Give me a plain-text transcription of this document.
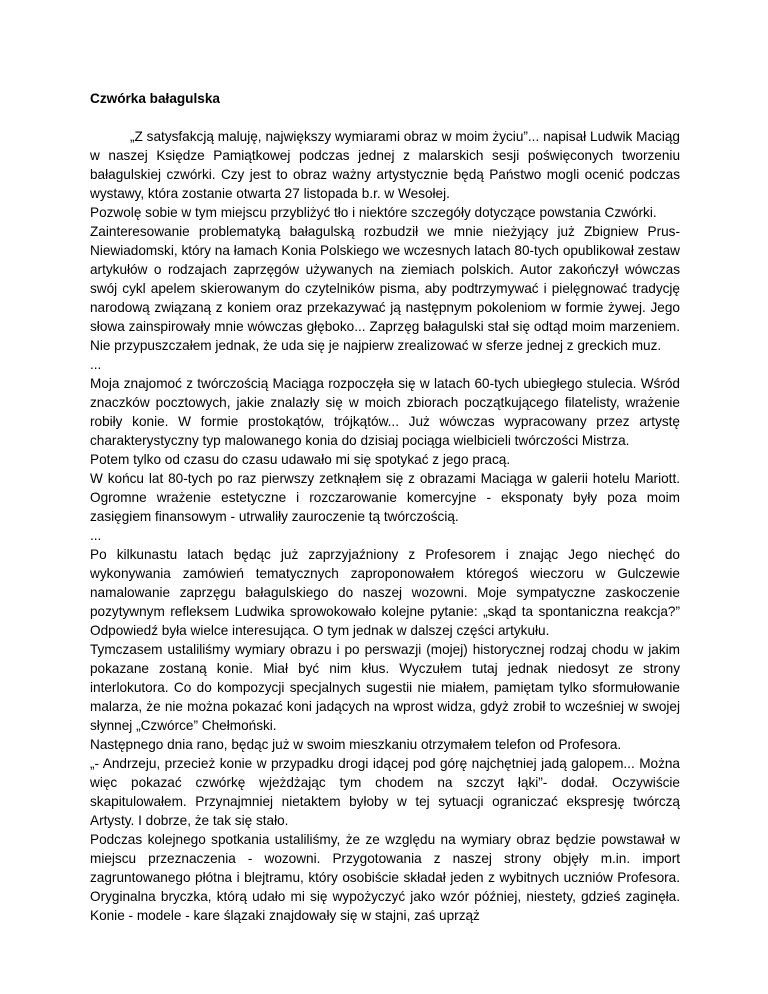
Czwórka bałagulska

„Z satysfakcją maluję, największy wymiarami obraz w moim życiu”... napisał Ludwik Maciąg w naszej Księdze Pamiątkowej podczas jednej z malarskich sesji poświęconych tworzeniu bałagulskiej czwórki. Czy jest to obraz ważny artystycznie będą Państwo mogli ocenić podczas wystawy, która zostanie otwarta 27 listopada b.r. w Wesołej.

Pozwolę sobie w tym miejscu przybliżyć tło i niektóre szczegóły dotyczące powstania Czwórki.

Zainteresowanie problematyką bałagulską rozbudził we mnie nieżyjący już Zbigniew Prus-Niewiadomski, który na łamach Konia Polskiego we wczesnych latach 80-tych opublikował zestaw artykułów o rodzajach zaprzęgów używanych na ziemiach polskich. Autor zakończył wówczas swój cykl apelem skierowanym do czytelników pisma, aby podtrzymywać i pielęgnować tradycję narodową związaną z koniem oraz przekazywać ją następnym pokoleniom w formie żywej. Jego słowa zainspirowały mnie wówczas głęboko... Zaprzęg bałagulski stał się odtąd moim marzeniem. Nie przypuszczałem jednak, że uda się je najpierw zrealizować w sferze jednej z greckich muz.

...

Moja znajomoć z twórczością Maciąga rozpoczęła się w latach 60-tych ubiegłego stulecia. Wśród znaczków pocztowych, jakie znalazły się w moich zbiorach początkującego filatelisty, wrażenie robiły konie. W formie prostokątów, trójkątów... Już wówczas wypracowany przez artystę charakterystyczny typ malowanego konia do dzisiaj pociąga wielbicieli twórczości Mistrza.

Potem tylko od czasu do czasu udawało mi się spotykać z jego pracą.

W końcu lat 80-tych po raz pierwszy zetknąłem się z obrazami Maciąga w galerii hotelu Mariott. Ogromne wrażenie estetyczne i rozczarowanie komercyjne - eksponaty były poza moim zasięgiem finansowym - utrwaliły zauroczenie tą twórczością.

...

Po kilkunastu latach będąc już zaprzyjaźniony z Profesorem i znając Jego niechęć do wykonywania zamówień tematycznych zaproponowałem któregoś wieczoru w Gulczewie namalowanie zaprzęgu bałagulskiego do naszej wozowni. Moje sympatyczne zaskoczenie pozytywnym refleksem Ludwika sprowokowało kolejne pytanie: „skąd ta spontaniczna reakcja?” Odpowiedź była wielce interesująca. O tym jednak w dalszej części artykułu.

Tymczasem ustaliliśmy wymiary obrazu i po perswazji (mojej) historycznej rodzaj chodu w jakim pokazane zostaną konie. Miał być nim kłus. Wyczułem tutaj jednak niedosyt ze strony interlokutora. Co do kompozycji specjalnych sugestii nie miałem, pamiętam tylko sformułowanie malarza, że nie można pokazać koni jadących na wprost widza, gdyż zrobił to wcześniej w swojej słynnej „Czwórce” Chełmoński.

Następnego dnia rano, będąc już w swoim mieszkaniu otrzymałem telefon od Profesora.

„- Andrzeju, przecież konie w przypadku drogi idącej pod górę najchętniej jadą galopem... Można więc pokazać czwórkę wjeżdżając tym chodem na szczyt łąki”- dodał. Oczywiście skapitulowałem. Przynajmniej nietaktem byłoby w tej sytuacji ograniczać ekspresję twórczą Artysty. I dobrze, że tak się stało.

Podczas kolejnego spotkania ustaliliśmy, że ze względu na wymiary obraz będzie powstawał w miejscu przeznaczenia - wozowni. Przygotowania z naszej strony objęły m.in. import zagruntowanego płótna i blejtramu, który osobiście składał jeden z wybitnych uczniów Profesora. Oryginalna bryczka, którą udało mi się wypożyczyć jako wzór później, niestety, gdzieś zaginęła. Konie - modele - kare ślązaki znajdowały się w stajni, zaś uprząż
